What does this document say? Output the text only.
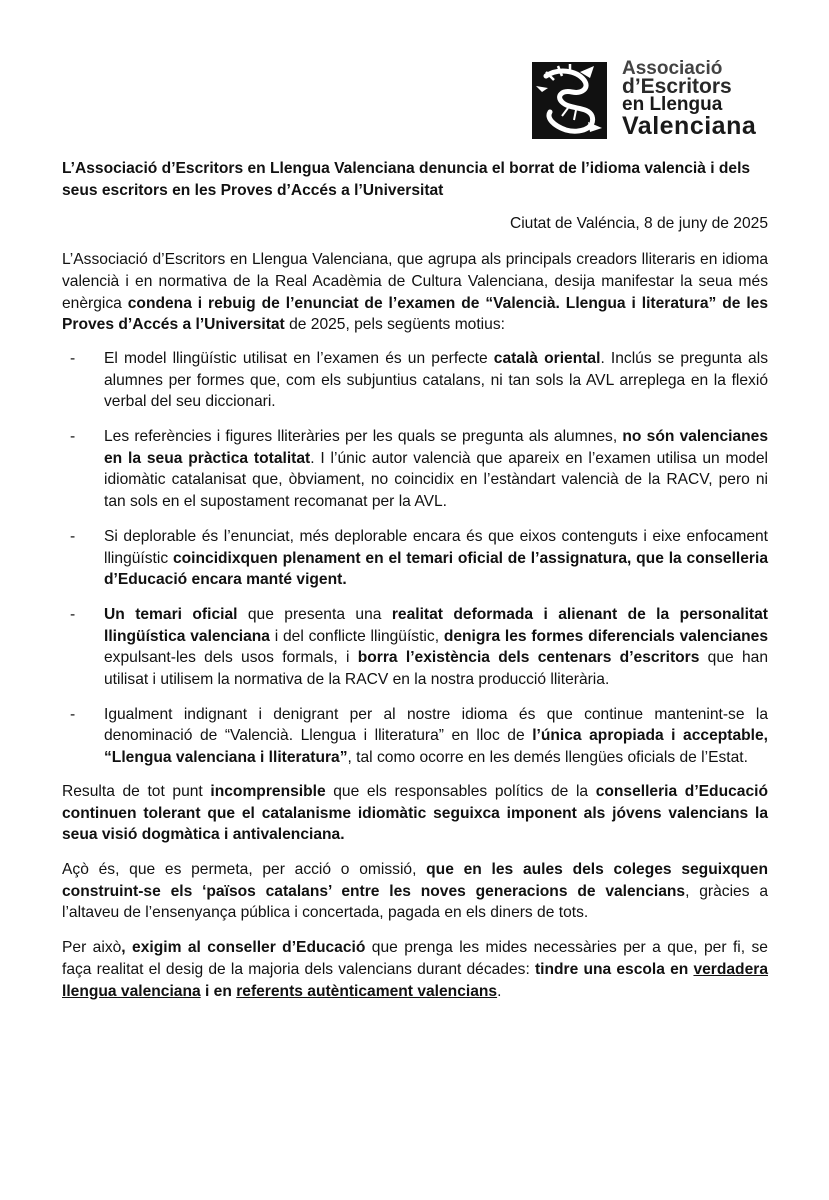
Associació
d’Escritors
en Llengua
Valenciana

L’Associació d’Escritors en Llengua Valenciana denuncia el borrat de l’idioma valencià i dels seus escritors en les Proves d’Accés a l’Universitat

Ciutat de Valéncia, 8 de juny de 2025

L’Associació d’Escritors en Llengua Valenciana, que agrupa als principals creadors lliteraris en idioma valencià i en normativa de la Real Acadèmia de Cultura Valenciana, desija manifestar la seua més enèrgica condena i rebuig de l’enunciat de l’examen de “Valencià. Llengua i literatura” de les Proves d’Accés a l’Universitat de 2025, pels següents motius:

- El model llingüístic utilisat en l’examen és un perfecte català oriental. Inclús se pregunta als alumnes per formes que, com els subjuntius catalans, ni tan sols la AVL arreplega en la flexió verbal del seu diccionari.
- Les referències i figures lliteràries per les quals se pregunta als alumnes, no són valencianes en la seua pràctica totalitat. I l’únic autor valencià que apareix en l’examen utilisa un model idiomàtic catalanisat que, òbviament, no coincidix en l’estàndart valencià de la RACV, pero ni tan sols en el supostament recomanat per la AVL.
- Si deplorable és l’enunciat, més deplorable encara és que eixos contenguts i eixe enfocament llingüístic coincidixquen plenament en el temari oficial de l’assignatura, que la conselleria d’Educació encara manté vigent.
- Un temari oficial que presenta una realitat deformada i alienant de la personalitat llingüística valenciana i del conflicte llingüístic, denigra les formes diferencials valencianes expulsant-les dels usos formals, i borra l’existència dels centenars d’escritors que han utilisat i utilisem la normativa de la RACV en la nostra producció lliterària.
- Igualment indignant i denigrant per al nostre idioma és que continue mantenint-se la denominació de “Valencià. Llengua i lliteratura” en lloc de l’única apropiada i acceptable, “Llengua valenciana i lliteratura”, tal como ocorre en les demés llengües oficials de l’Estat.

Resulta de tot punt incomprensible que els responsables polítics de la conselleria d’Educació continuen tolerant que el catalanisme idiomàtic seguixca imponent als jóvens valencians la seua visió dogmàtica i antivalenciana.

Açò és, que es permeta, per acció o omissió, que en les aules dels coleges seguixquen construint-se els ‘països catalans’ entre les noves generacions de valencians, gràcies a l’altaveu de l’ensenyança pública i concertada, pagada en els diners de tots.

Per això, exigim al conseller d’Educació que prenga les mides necessàries per a que, per fi, se faça realitat el desig de la majoria dels valencians durant décades: tindre una escola en verdadera llengua valenciana i en referents autènticament valencians.
